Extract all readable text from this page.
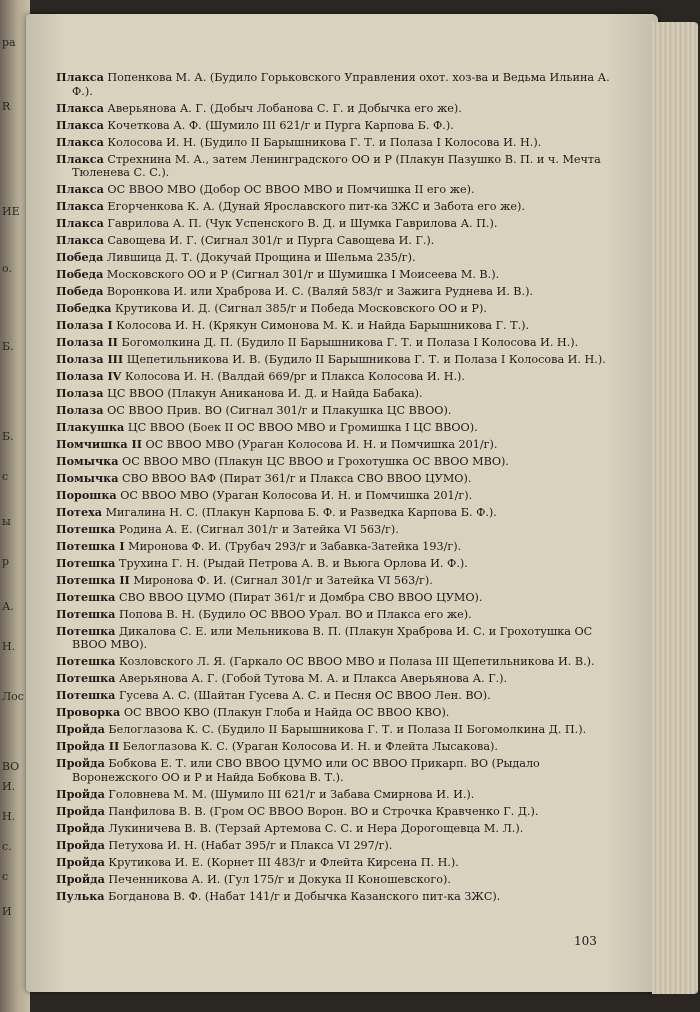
ра
R
ИЕ
о.
Б.
Б.
с
ы
р
А.
Н.
Лос
ВО
И.
Н.
с.
с
И
Плакса Попенкова М. А. (Будило Горьковского Управления охот. хоз-ва и Ведьма Ильина А. Ф.).
Плакса Аверьянова А. Г. (Добыч Лобанова С. Г. и Добычка его же).
Плакса Кочеткова А. Ф. (Шумило III 621/г и Пурга Карпова Б. Ф.).
Плакса Колосова И. Н. (Будило II Барышникова Г. Т. и Полаза I Колосова И. Н.).
Плакса Стрехнина М. А., затем Ленинградского ОО и Р (Плакун Пазушко В. П. и ч. Мечта Тюленева С. С.).
Плакса ОС ВВОО МВО (Добор ОС ВВОО МВО и Помчишка II его же).
Плакса Егорченкова К. А. (Дунай Ярославского пит-ка ЗЖС и Забота его же).
Плакса Гаврилова А. П. (Чук Успенского В. Д. и Шумка Гаврилова А. П.).
Плакса Савощева И. Г. (Сигнал 301/г и Пурга Савощева И. Г.).
Победа Лившица Д. Т. (Докучай Прощина и Шельма 235/г).
Победа Московского ОО и Р (Сигнал 301/г и Шумишка I Моисеева М. В.).
Победа Воронкова И. или Храброва И. С. (Валяй 583/г и Зажига Руднева И. В.).
Победка Крутикова И. Д. (Сигнал 385/г и Победа Московского ОО и Р).
Полаза I Колосова И. Н. (Крякун Симонова М. К. и Найда Барышникова Г. Т.).
Полаза II Богомолкина Д. П. (Будило II Барышникова Г. Т. и Полаза I Колосова И. Н.).
Полаза III Щепетильникова И. В. (Будило II Барышникова Г. Т. и Полаза I Колосова И. Н.).
Полаза IV Колосова И. Н. (Валдай 669/рг и Плакса Колосова И. Н.).
Полаза ЦС ВВОО (Плакун Аниканова И. Д. и Найда Бабака).
Полаза ОС ВВОО Прив. ВО (Сигнал 301/г и Плакушка ЦС ВВОО).
Плакушка ЦС ВВОО (Боек II ОС ВВОО МВО и Громишка I ЦС ВВОО).
Помчишка II ОС ВВОО МВО (Ураган Колосова И. Н. и Помчишка 201/г).
Помычка ОС ВВОО МВО (Плакун ЦС ВВОО и Грохотушка ОС ВВОО МВО).
Помычка СВО ВВОО ВАФ (Пират 361/г и Плакса СВО ВВОО ЦУМО).
Порошка ОС ВВОО МВО (Ураган Колосова И. Н. и Помчишка 201/г).
Потеха Мигалина Н. С. (Плакун Карпова Б. Ф. и Развeдка Карпова Б. Ф.).
Потешка Родина А. Е. (Сигнал 301/г и Затейка VI 563/г).
Потешка I Миронова Ф. И. (Трубач 293/г и Забавка-Затейка 193/г).
Потешка Трухина Г. Н. (Рыдай Петрова А. В. и Вьюга Орлова И. Ф.).
Потешка II Миронова Ф. И. (Сигнал 301/г и Затейка VI 563/г).
Потешка СВО ВВОО ЦУМО (Пират 361/г и Домбра СВО ВВОО ЦУМО).
Потешка Попова В. Н. (Будило ОС ВВОО Урал. ВО и Плакса его же).
Потешка Дикалова С. Е. или Мельникова В. П. (Плакун Храброва И. С. и Грохотушка ОС ВВОО МВО).
Потешка Козловского Л. Я. (Гаркало ОС ВВОО МВО и Полаза III Щепетильникова И. В.).
Потешка Аверьянова А. Г. (Гобой Тутова М. А. и Плакса Аверьянова А. Г.).
Потешка Гусева А. С. (Шайтан Гусева А. С. и Песня ОС ВВОО Лен. ВО).
Проворка ОС ВВОО КВО (Плакун Глоба и Найда ОС ВВОО КВО).
Пройда Белоглазова К. С. (Будило II Барышникова Г. Т. и Полаза II Богомолкина Д. П.).
Пройда II Белоглазова К. С. (Ураган Колосова И. Н. и Флейта Лысакова).
Пройда Бобкова Е. Т. или СВО ВВОО ЦУМО или ОС ВВОО Прикарп. ВО (Рыдало Воронежского ОО и Р и Найда Бобкова В. Т.).
Пройда Головнева М. М. (Шумило III 621/г и Забава Смирнова И. И.).
Пройда Панфилова В. В. (Гром ОС ВВОО Ворон. ВО и Строчка Кравченко Г. Д.).
Пройда Лукиничева В. В. (Терзай Артемова С. С. и Нера Дорогощевца М. Л.).
Пройда Петухова И. Н. (Набат 395/г и Плакса VI 297/г).
Пройда Крутикова И. Е. (Корнет III 483/г и Флейта Кирсена П. Н.).
Пройда Печенникова А. И. (Гул 175/г и Докука II Коношевского).
Пулька Богданова В. Ф. (Набат 141/г и Добычка Казанского пит-ка ЗЖС).
103
